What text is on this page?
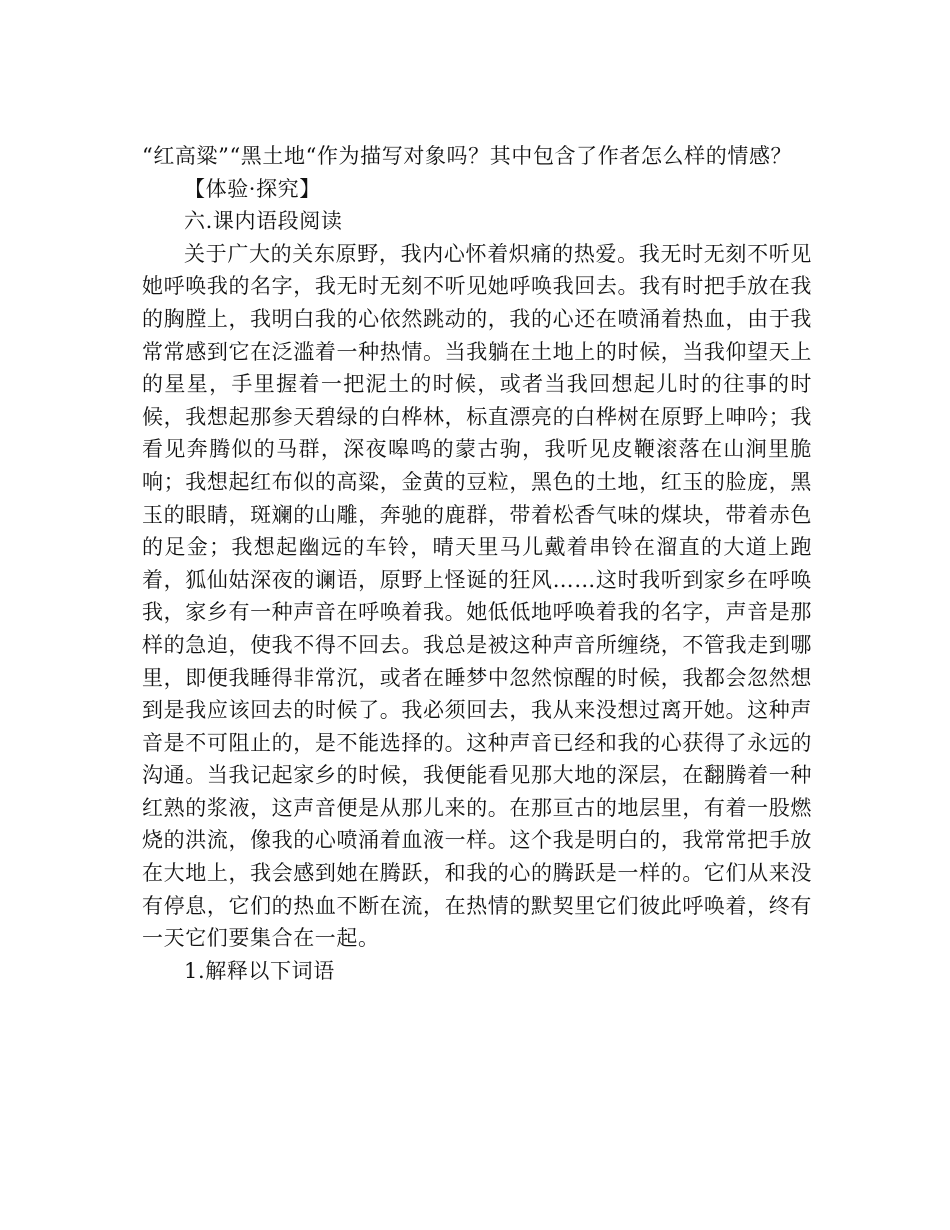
“红高粱”“黑土地“作为描写对象吗？其中包含了作者怎么样的情感？

【体验·探究】

六.课内语段阅读

关于广大的关东原野，我内心怀着炽痛的热爱。我无时无刻不听见她呼唤我的名字，我无时无刻不听见她呼唤我回去。我有时把手放在我的胸膛上，我明白我的心依然跳动的，我的心还在喷涌着热血，由于我常常感到它在泛滥着一种热情。当我躺在土地上的时候，当我仰望天上的星星，手里握着一把泥土的时候，或者当我回想起儿时的往事的时候，我想起那参天碧绿的白桦林，标直漂亮的白桦树在原野上呻吟；我看见奔腾似的马群，深夜嗥鸣的蒙古驹，我听见皮鞭滚落在山涧里脆响；我想起红布似的高粱，金黄的豆粒，黑色的土地，红玉的脸庞，黑玉的眼睛，斑斓的山雕，奔驰的鹿群，带着松香气味的煤块，带着赤色的足金；我想起幽远的车铃，晴天里马儿戴着串铃在溜直的大道上跑着，狐仙姑深夜的谰语，原野上怪诞的狂风……这时我听到家乡在呼唤我，家乡有一种声音在呼唤着我。她低低地呼唤着我的名字，声音是那样的急迫，使我不得不回去。我总是被这种声音所缠绕，不管我走到哪里，即便我睡得非常沉，或者在睡梦中忽然惊醒的时候，我都会忽然想到是我应该回去的时候了。我必须回去，我从来没想过离开她。这种声音是不可阻止的，是不能选择的。这种声音已经和我的心获得了永远的沟通。当我记起家乡的时候，我便能看见那大地的深层，在翻腾着一种红熟的浆液，这声音便是从那儿来的。在那亘古的地层里，有着一股燃烧的洪流，像我的心喷涌着血液一样。这个我是明白的，我常常把手放在大地上，我会感到她在腾跃，和我的心的腾跃是一样的。它们从来没有停息，它们的热血不断在流，在热情的默契里它们彼此呼唤着，终有一天它们要集合在一起。

1.解释以下词语
